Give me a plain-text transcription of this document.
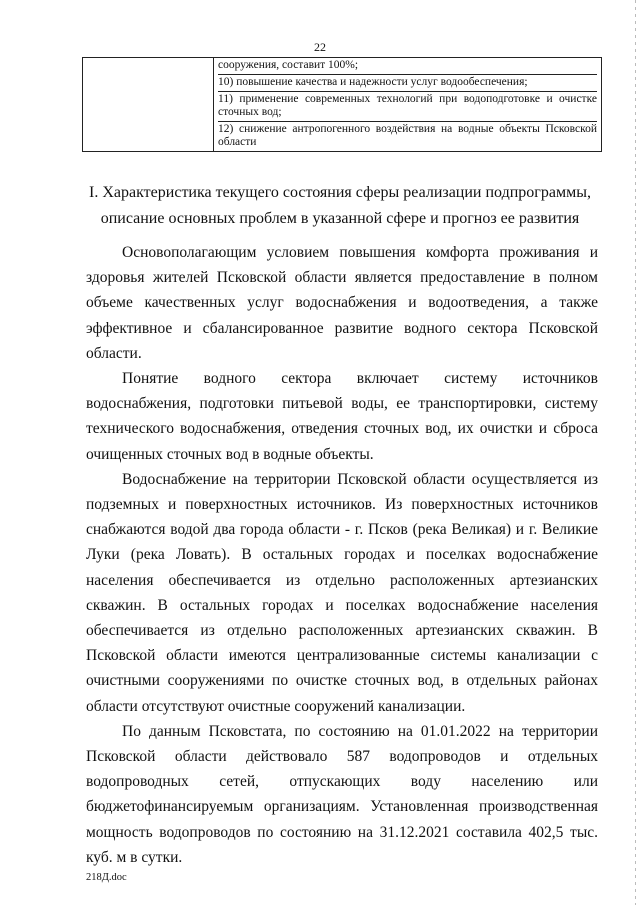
22

сооружения, составит 100%;
10) повышение качества и надежности услуг водообеспечения;
11) применение современных технологий при водоподготовке и очистке сточных вод;
12) снижение антропогенного воздействия на водные объекты Псковской области
I. Характеристика текущего состояния сферы реализации подпрограммы,
описание основных проблем в указанной сфере и прогноз ее развития

Основополагающим условием повышения комфорта проживания и здоровья жителей Псковской области является предоставление в полном объеме качественных услуг водоснабжения и водоотведения, а также эффективное и сбалансированное развитие водного сектора Псковской области.

Понятие водного сектора включает систему источников водоснабжения, подготовки питьевой воды, ее транспортировки, систему технического водоснабжения, отведения сточных вод, их очистки и сброса очищенных сточных вод в водные объекты.

Водоснабжение на территории Псковской области осуществляется из подземных и поверхностных источников. Из поверхностных источников снабжаются водой два города области - г. Псков (река Великая) и г. Великие Луки (река Ловать). В остальных городах и поселках водоснабжение населения обеспечивается из отдельно расположенных артезианских скважин. В остальных городах и поселках водоснабжение населения обеспечивается из отдельно расположенных артезианских скважин. В Псковской области имеются централизованные системы канализации с очистными сооружениями по очистке сточных вод, в отдельных районах области отсутствуют очистные сооружений канализации.

По данным Псковстата, по состоянию на 01.01.2022 на территории Псковской области действовало 587 водопроводов и отдельных водопроводных сетей, отпускающих воду населению или бюджетофинансируемым организациям. Установленная производственная мощность водопроводов по состоянию на 31.12.2021 составила 402,5 тыс. куб. м в сутки.

218Д.doc
